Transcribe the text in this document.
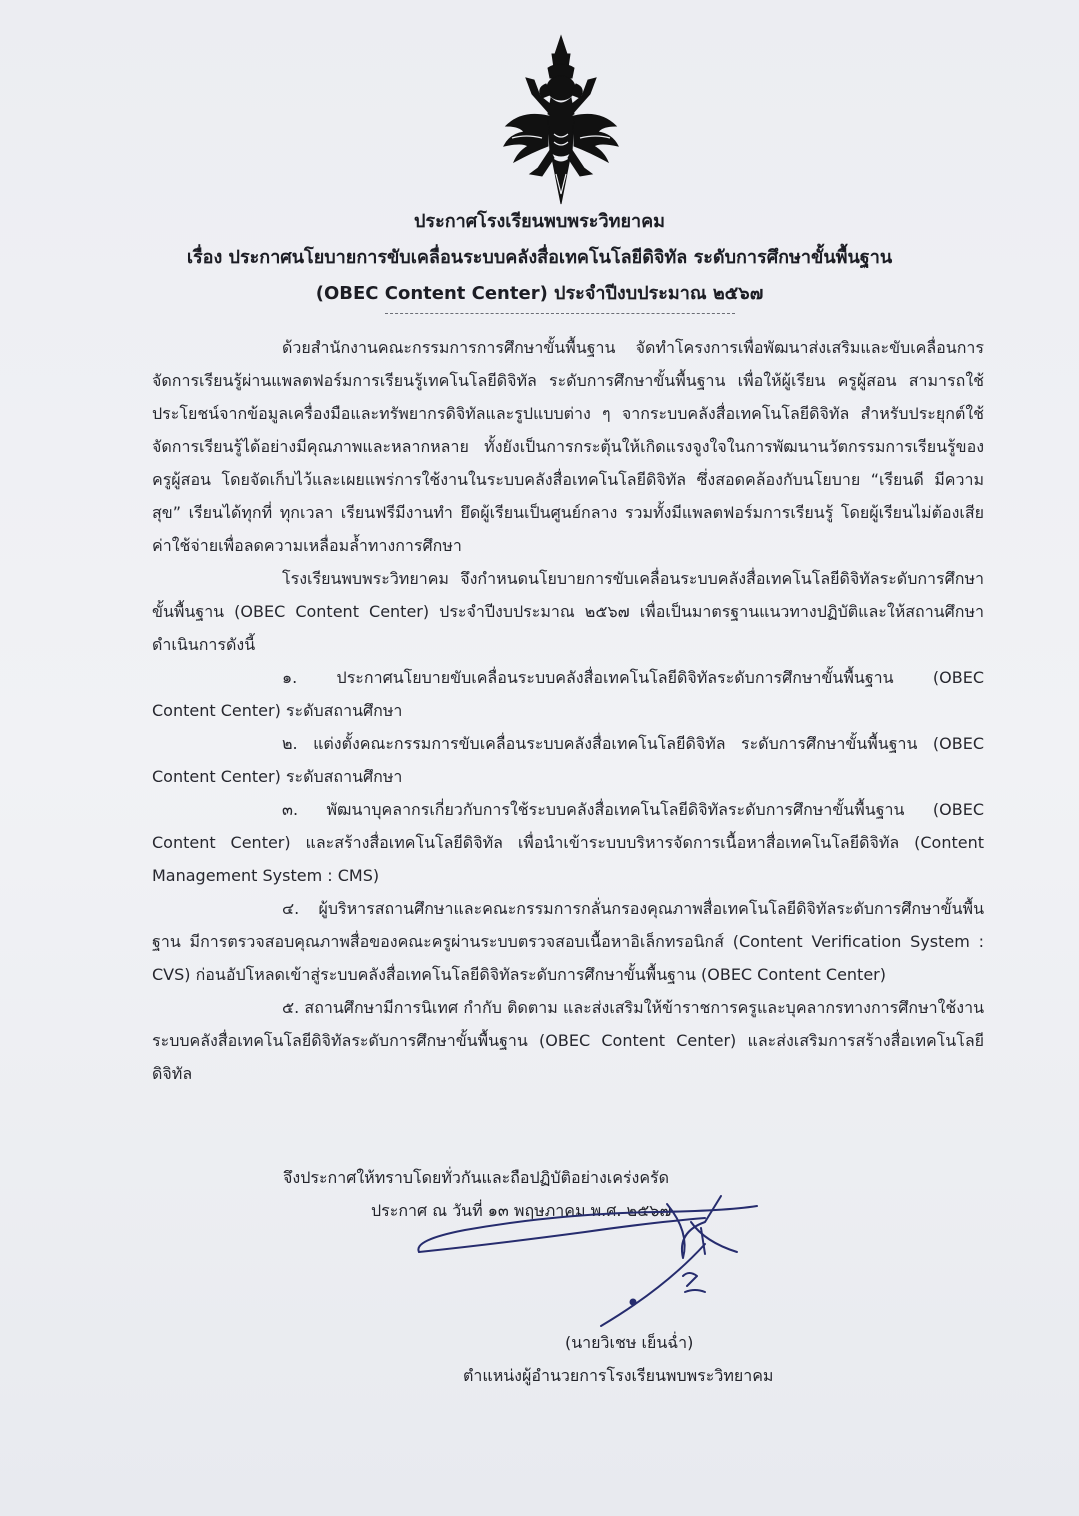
ประกาศโรงเรียนพบพระวิทยาคม
เรื่อง ประกาศนโยบายการขับเคลื่อนระบบคลังสื่อเทคโนโลยีดิจิทัล ระดับการศึกษาขั้นพื้นฐาน
(OBEC Content Center) ประจำปีงบประมาณ ๒๕๖๗

ด้วยสำนักงานคณะกรรมการการศึกษาขั้นพื้นฐาน จัดทำโครงการเพื่อพัฒนาส่งเสริมและขับเคลื่อนการจัดการเรียนรู้ผ่านแพลตฟอร์มการเรียนรู้เทคโนโลยีดิจิทัล ระดับการศึกษาขั้นพื้นฐาน เพื่อให้ผู้เรียน ครูผู้สอน สามารถใช้ประโยชน์จากข้อมูลเครื่องมือและทรัพยากรดิจิทัลและรูปแบบต่าง ๆ จากระบบคลังสื่อเทคโนโลยีดิจิทัล สำหรับประยุกต์ใช้จัดการเรียนรู้ได้อย่างมีคุณภาพและหลากหลาย ทั้งยังเป็นการกระตุ้นให้เกิดแรงจูงใจในการพัฒนานวัตกรรมการเรียนรู้ของครูผู้สอน โดยจัดเก็บไว้และเผยแพร่การใช้งานในระบบคลังสื่อเทคโนโลยีดิจิทัล ซึ่งสอดคล้องกับนโยบาย “เรียนดี มีความสุข” เรียนได้ทุกที่ ทุกเวลา เรียนฟรีมีงานทำ ยึดผู้เรียนเป็นศูนย์กลาง รวมทั้งมีแพลตฟอร์มการเรียนรู้ โดยผู้เรียนไม่ต้องเสียค่าใช้จ่ายเพื่อลดความเหลื่อมล้ำทางการศึกษา

โรงเรียนพบพระวิทยาคม จึงกำหนดนโยบายการขับเคลื่อนระบบคลังสื่อเทคโนโลยีดิจิทัลระดับการศึกษาขั้นพื้นฐาน (OBEC Content Center) ประจำปีงบประมาณ ๒๕๖๗ เพื่อเป็นมาตรฐานแนวทางปฏิบัติและให้สถานศึกษาดำเนินการดังนี้

๑. ประกาศนโยบายขับเคลื่อนระบบคลังสื่อเทคโนโลยีดิจิทัลระดับการศึกษาขั้นพื้นฐาน (OBEC Content Center) ระดับสถานศึกษา

๒. แต่งตั้งคณะกรรมการขับเคลื่อนระบบคลังสื่อเทคโนโลยีดิจิทัล ระดับการศึกษาขั้นพื้นฐาน (OBEC Content Center) ระดับสถานศึกษา

๓. พัฒนาบุคลากรเกี่ยวกับการใช้ระบบคลังสื่อเทคโนโลยีดิจิทัลระดับการศึกษาขั้นพื้นฐาน (OBEC Content Center) และสร้างสื่อเทคโนโลยีดิจิทัล เพื่อนำเข้าระบบบริหารจัดการเนื้อหาสื่อเทคโนโลยีดิจิทัล (Content Management System : CMS)

๔. ผู้บริหารสถานศึกษาและคณะกรรมการกลั่นกรองคุณภาพสื่อเทคโนโลยีดิจิทัลระดับการศึกษาขั้นพื้นฐาน มีการตรวจสอบคุณภาพสื่อของคณะครูผ่านระบบตรวจสอบเนื้อหาอิเล็กทรอนิกส์ (Content Verification System : CVS) ก่อนอัปโหลดเข้าสู่ระบบคลังสื่อเทคโนโลยีดิจิทัลระดับการศึกษาขั้นพื้นฐาน (OBEC Content Center)

๕. สถานศึกษามีการนิเทศ กำกับ ติดตาม และส่งเสริมให้ข้าราชการครูและบุคลากรทางการศึกษาใช้งานระบบคลังสื่อเทคโนโลยีดิจิทัลระดับการศึกษาขั้นพื้นฐาน (OBEC Content Center) และส่งเสริมการสร้างสื่อเทคโนโลยีดิจิทัล

จึงประกาศให้ทราบโดยทั่วกันและถือปฏิบัติอย่างเคร่งครัด
ประกาศ ณ วันที่ ๑๓ พฤษภาคม พ.ศ. ๒๕๖๗
(นายวิเชษ เย็นฉ่ำ)
ตำแหน่งผู้อำนวยการโรงเรียนพบพระวิทยาคม
